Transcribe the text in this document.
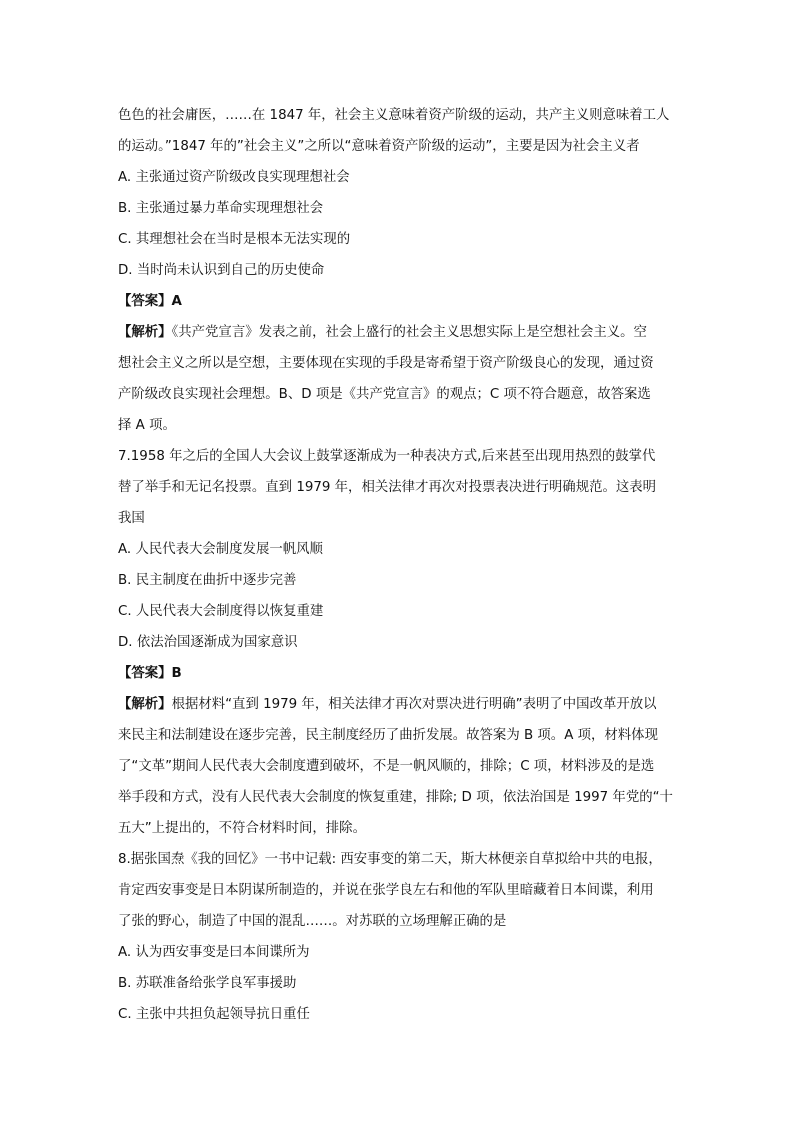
色色的社会庸医，……在 1847 年，社会主义意味着资产阶级的运动，共产主义则意味着工人
的运动。”1847 年的”社会主义”之所以“意味着资产阶级的运动”，主要是因为社会主义者
A. 主张通过资产阶级改良实现理想社会
B. 主张通过暴力革命实现理想社会
C. 其理想社会在当时是根本无法实现的
D. 当时尚未认识到自己的历史使命
【答案】A
【解析】《共产党宣言》发表之前，社会上盛行的社会主义思想实际上是空想社会主义。空
想社会主义之所以是空想，主要体现在实现的手段是寄希望于资产阶级良心的发现，通过资
产阶级改良实现社会理想。B、D 项是《共产党宣言》的观点；C 项不符合题意，故答案选
择 A 项。
7.1958 年之后的全国人大会议上鼓掌逐渐成为一种表决方式,后来甚至出现用热烈的鼓掌代
替了举手和无记名投票。直到 1979 年，相关法律才再次对投票表决进行明确规范。这表明
我国
A. 人民代表大会制度发展一帆风顺
B. 民主制度在曲折中逐步完善
C. 人民代表大会制度得以恢复重建
D. 依法治国逐渐成为国家意识
【答案】B
【解析】根据材料“直到 1979 年，相关法律才再次对票决进行明确”表明了中国改革开放以
来民主和法制建设在逐步完善，民主制度经历了曲折发展。故答案为 B 项。A 项，材料体现
了“文革”期间人民代表大会制度遭到破坏，不是一帆风顺的，排除；C 项，材料涉及的是选
举手段和方式，没有人民代表大会制度的恢复重建，排除; D 项，依法治国是 1997 年党的“十
五大”上提出的，不符合材料时间，排除。
8.据张国焘《我的回忆》一书中记载: 西安事变的第二天，斯大林便亲自草拟给中共的电报，
肯定西安事变是日本阴谋所制造的，并说在张学良左右和他的军队里暗藏着日本间谍，利用
了张的野心，制造了中国的混乱……。对苏联的立场理解正确的是
A. 认为西安事变是曰本间谍所为
B. 苏联准备给张学良军事援助
C. 主张中共担负起领导抗日重任
